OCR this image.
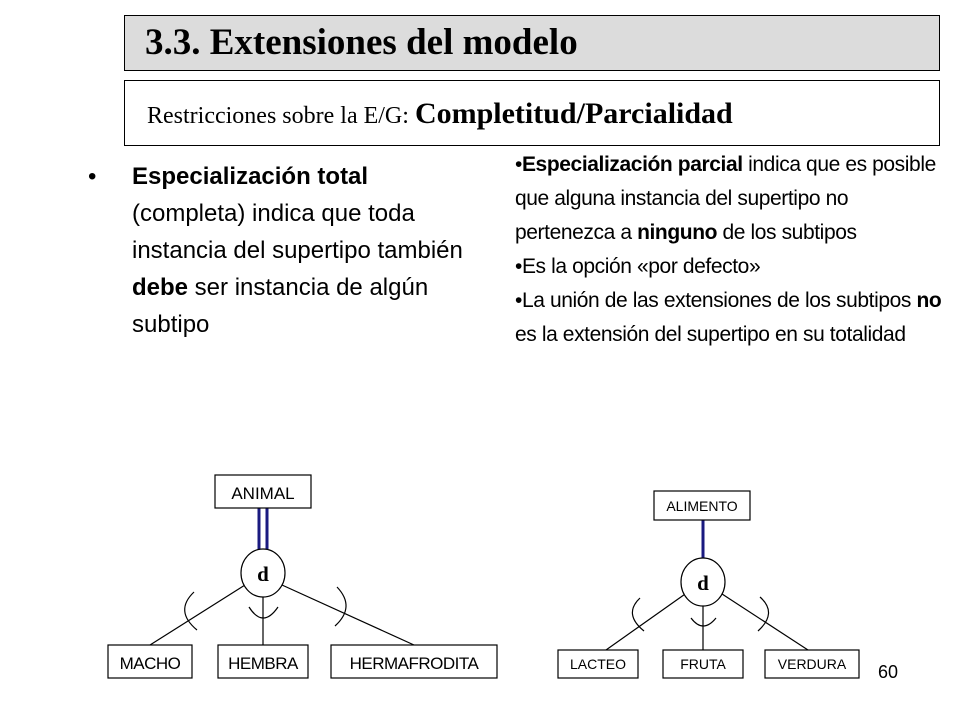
3.3. Extensiones del modelo
Restricciones sobre la E/G: Completitud/Parcialidad
• Especialización total (completa) indica que toda instancia del supertipo también debe ser instancia de algún subtipo

•Especialización parcial indica que es posible que alguna instancia del supertipo no pertenezca a ninguno de los subtipos

•Es la opción «por defecto»

•La unión de las extensiones de los subtipos no es la extensión del supertipo en su totalidad

d
ANIMAL
MACHO	HEMBRA	HERMAFRODITA
d
ALIMENTO
LACTEO	FRUTA	VERDURA 60
